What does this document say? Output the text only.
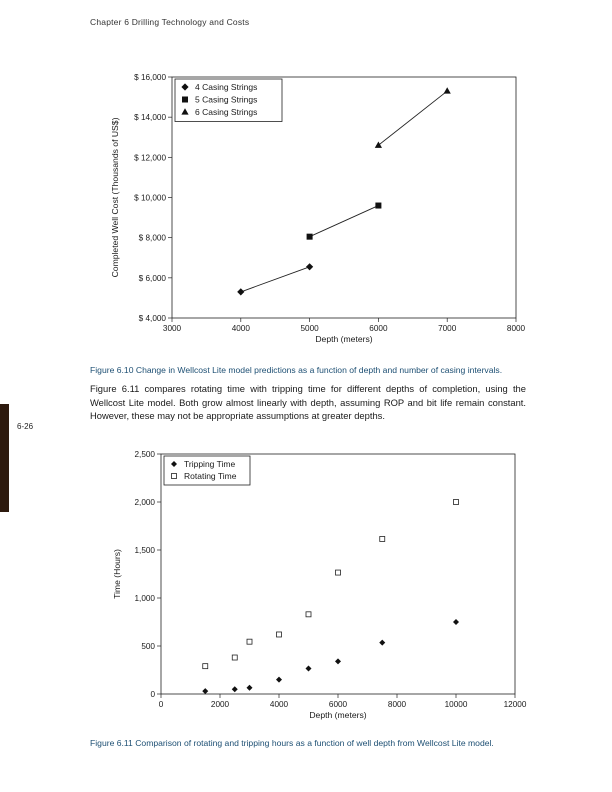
Chapter 6 Drilling Technology and Costs
6-26
$ 4,000
$ 6,000
$ 8,000
$ 10,000
$ 12,000
$ 14,000
$ 16,000
3000	4000	5000	6000	7000	8000
Depth (meters)
Completed Well Cost (Thousands of US$)
4 Casing Strings
5 Casing Strings
6 Casing Strings
Figure 6.10 Change in Wellcost Lite model predictions as a function of depth and number of casing intervals.
Figure 6.11 compares rotating time with tripping time for different depths of completion, using the Wellcost Lite model. Both grow almost linearly with depth, assuming ROP and bit life remain constant. However, these may not be appropriate assumptions at greater depths.
0
500
1,000
1,500
2,000
2,500
0	2000	4000	6000	8000	10000	12000
Depth (meters)
Time (Hours)
Tripping Time
Rotating Time
Figure 6.11 Comparison of rotating and tripping hours as a function of well depth from Wellcost Lite model.
